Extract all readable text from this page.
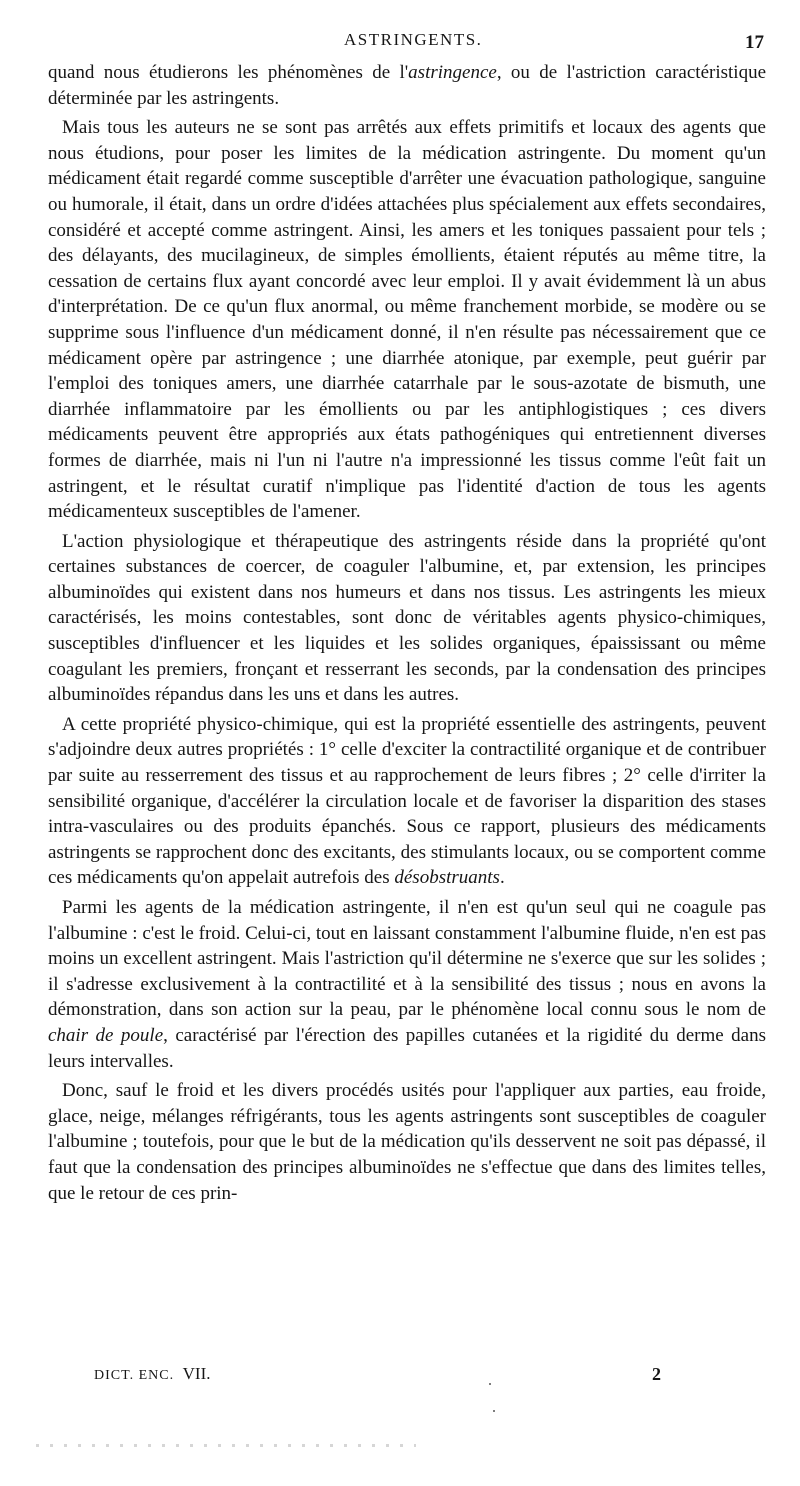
ASTRINGENTS.	17

quand nous étudierons les phénomènes de l'astringence, ou de l'astriction caractéristique déterminée par les astringents.

Mais tous les auteurs ne se sont pas arrêtés aux effets primitifs et locaux des agents que nous étudions, pour poser les limites de la médication astringente. Du moment qu'un médicament était regardé comme susceptible d'arrêter une évacuation pathologique, sanguine ou humorale, il était, dans un ordre d'idées attachées plus spécialement aux effets secondaires, considéré et accepté comme astringent. Ainsi, les amers et les toniques passaient pour tels ; des délayants, des mucilagineux, de simples émollients, étaient réputés au même titre, la cessation de certains flux ayant concordé avec leur emploi. Il y avait évidemment là un abus d'interprétation. De ce qu'un flux anormal, ou même franchement morbide, se modère ou se supprime sous l'influence d'un médicament donné, il n'en résulte pas nécessairement que ce médicament opère par astringence ; une diarrhée atonique, par exemple, peut guérir par l'emploi des toniques amers, une diarrhée catarrhale par le sous-azotate de bismuth, une diarrhée inflammatoire par les émollients ou par les antiphlogistiques ; ces divers médicaments peuvent être appropriés aux états pathogéniques qui entretiennent diverses formes de diarrhée, mais ni l'un ni l'autre n'a impressionné les tissus comme l'eût fait un astringent, et le résultat curatif n'implique pas l'identité d'action de tous les agents médicamenteux susceptibles de l'amener.

L'action physiologique et thérapeutique des astringents réside dans la propriété qu'ont certaines substances de coercer, de coaguler l'albumine, et, par extension, les principes albuminoïdes qui existent dans nos humeurs et dans nos tissus. Les astringents les mieux caractérisés, les moins contestables, sont donc de véritables agents physico-chimiques, susceptibles d'influencer et les liquides et les solides organiques, épaississant ou même coagulant les premiers, fronçant et resserrant les seconds, par la condensation des principes albuminoïdes répandus dans les uns et dans les autres.

A cette propriété physico-chimique, qui est la propriété essentielle des astringents, peuvent s'adjoindre deux autres propriétés : 1° celle d'exciter la contractilité organique et de contribuer par suite au resserrement des tissus et au rapprochement de leurs fibres ; 2° celle d'irriter la sensibilité organique, d'accélérer la circulation locale et de favoriser la disparition des stases intra-vasculaires ou des produits épanchés. Sous ce rapport, plusieurs des médicaments astringents se rapprochent donc des excitants, des stimulants locaux, ou se comportent comme ces médicaments qu'on appelait autrefois des désobstruants.

Parmi les agents de la médication astringente, il n'en est qu'un seul qui ne coagule pas l'albumine : c'est le froid. Celui-ci, tout en laissant constamment l'albumine fluide, n'en est pas moins un excellent astringent. Mais l'astriction qu'il détermine ne s'exerce que sur les solides ; il s'adresse exclusivement à la contractilité et à la sensibilité des tissus ; nous en avons la démonstration, dans son action sur la peau, par le phénomène local connu sous le nom de chair de poule, caractérisé par l'érection des papilles cutanées et la rigidité du derme dans leurs intervalles.

Donc, sauf le froid et les divers procédés usités pour l'appliquer aux parties, eau froide, glace, neige, mélanges réfrigérants, tous les agents astringents sont susceptibles de coaguler l'albumine ; toutefois, pour que le but de la médication qu'ils desservent ne soit pas dépassé, il faut que la condensation des principes albuminoïdes ne s'effectue que dans des limites telles, que le retour de ces prin-

DICT. ENC. VII.	2
